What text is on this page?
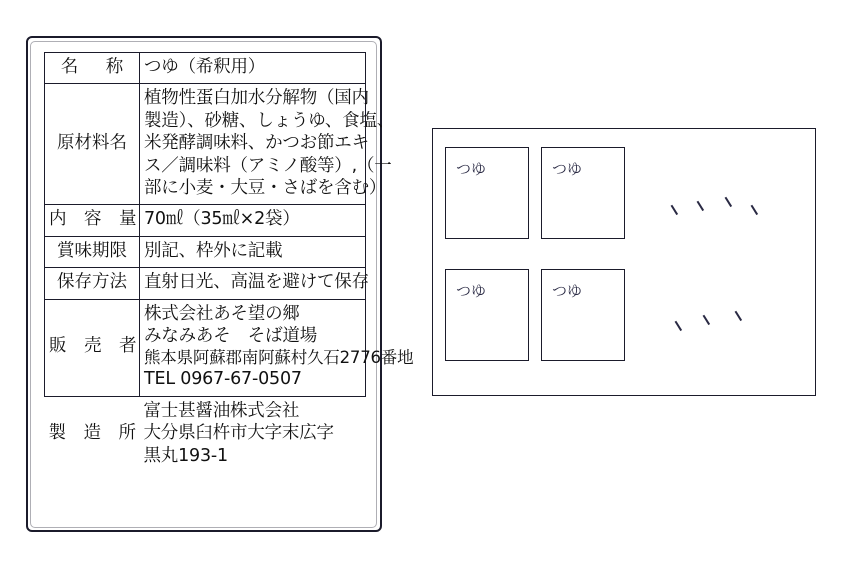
名　称	つゆ（希釈用）

原材料名	植物性蛋白加水分解物（国内
製造）、砂糖、しょうゆ、食塩、
米発酵調味料、かつお節エキ
ス／調味料（アミノ酸等）,（一
部に小麦・大豆・さばを含む）

内　容　量	70㎖（35㎖×2袋）

賞味期限	別記、枠外に記載

保存方法	直射日光、高温を避けて保存

販　売　者	株式会社あそ望の郷
みなみあそ　そば道場
熊本県阿蘇郡南阿蘇村久石2776番地
TEL 0967-67-0507

製　造　所	富士甚醤油株式会社
大分県臼杵市大字末広字
黒丸193-1
つゆ	つゆ
つゆ	つゆ
